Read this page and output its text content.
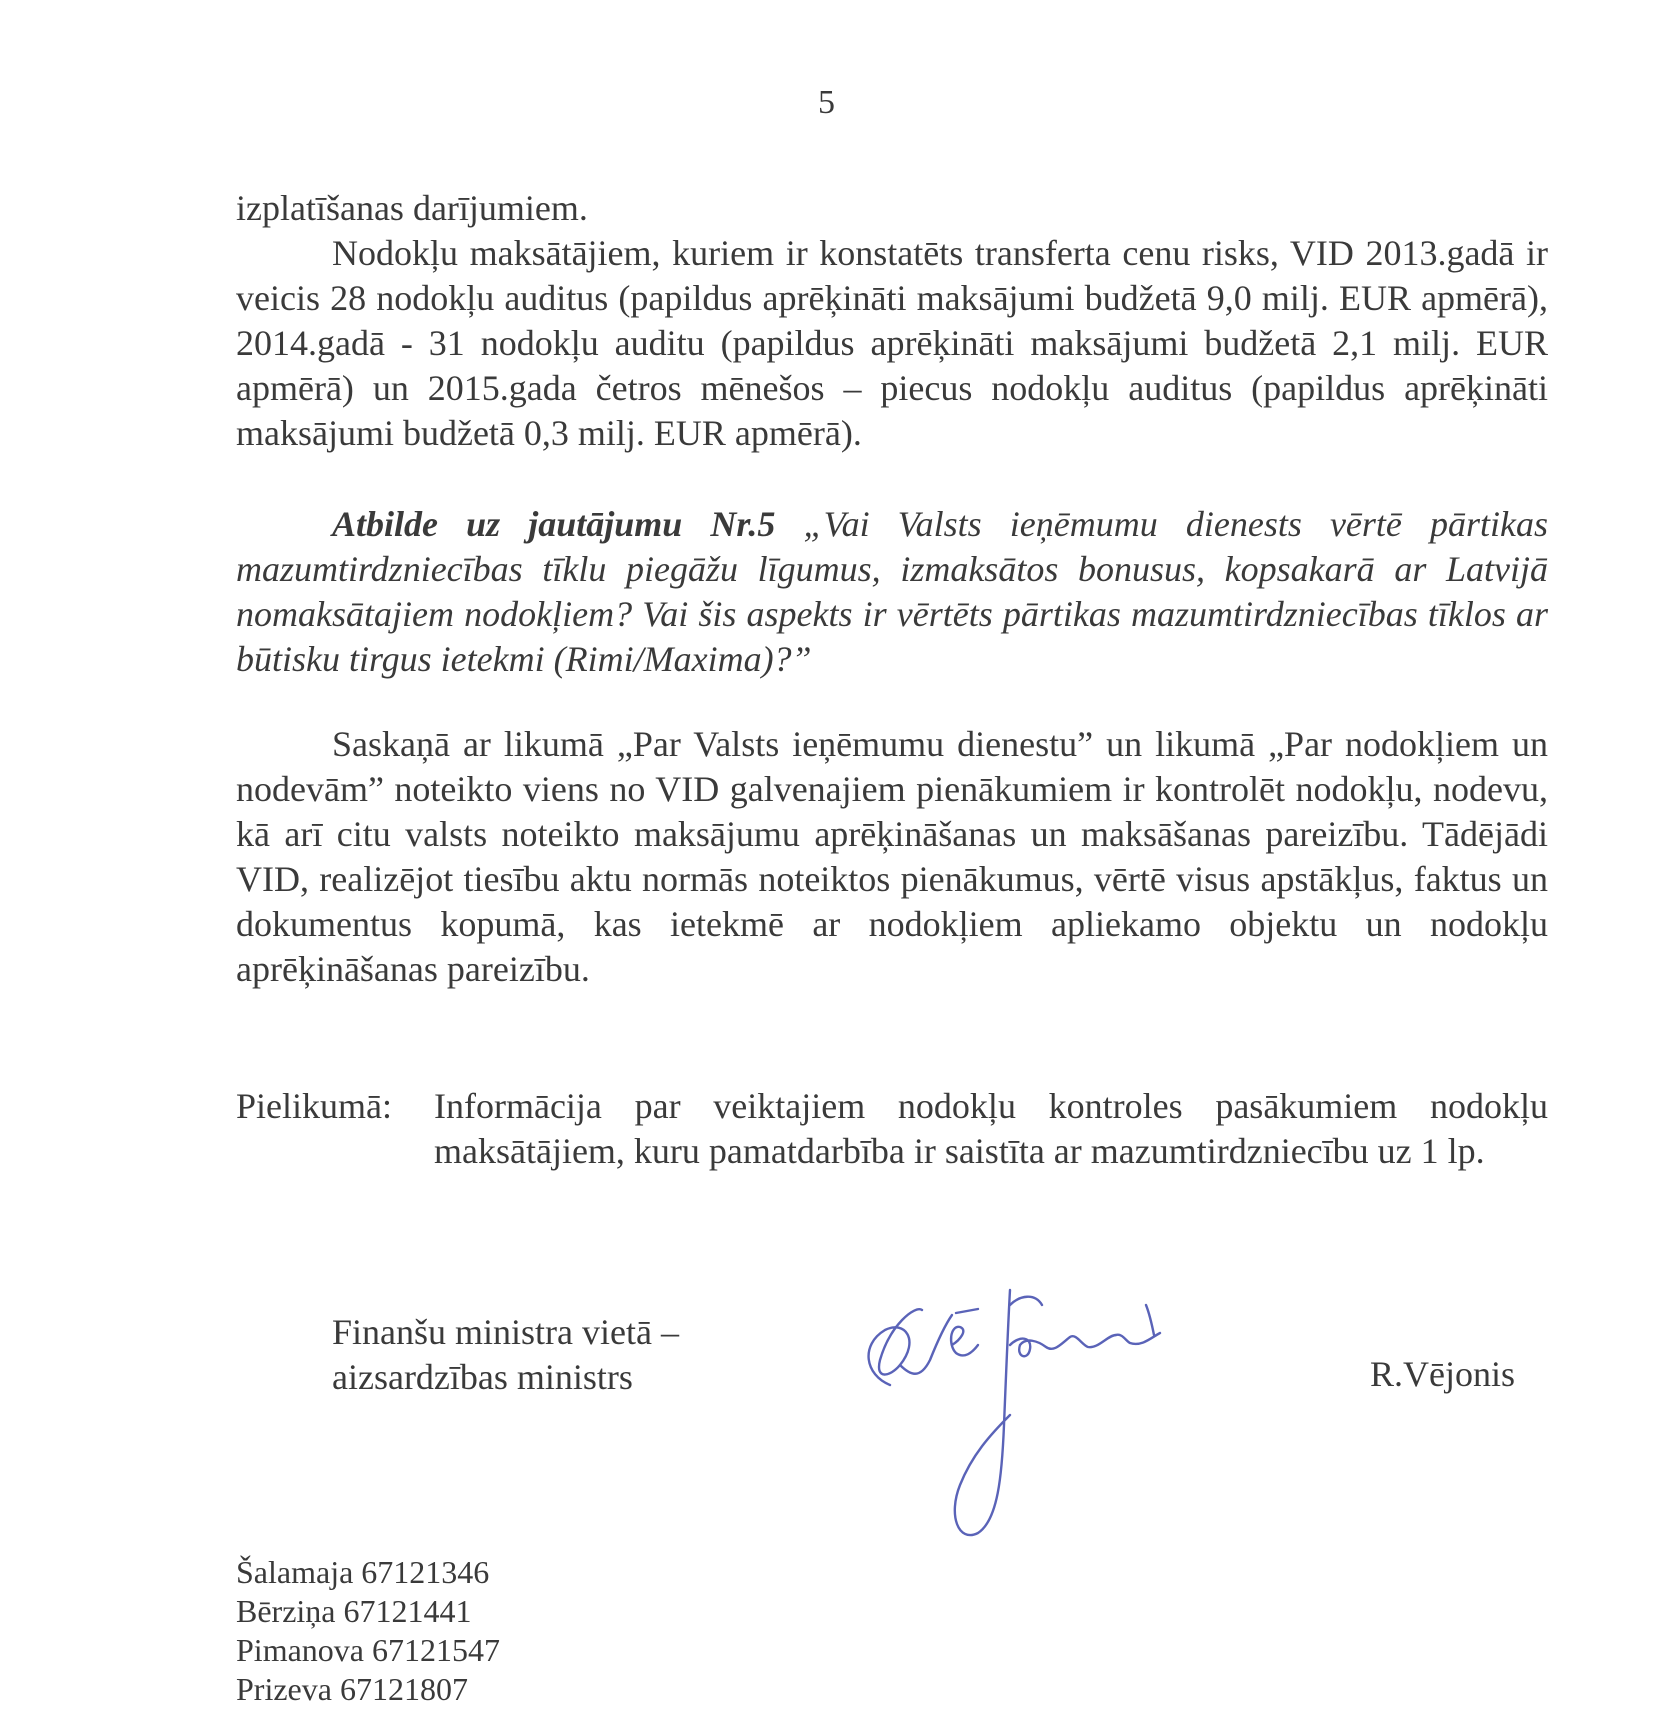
5
izplatīšanas darījumiem.
Nodokļu maksātājiem, kuriem ir konstatēts transferta cenu risks, VID 2013.gadā ir veicis 28 nodokļu auditus (papildus aprēķināti maksājumi budžetā 9,0 milj. EUR apmērā), 2014.gadā - 31 nodokļu auditu (papildus aprēķināti maksājumi budžetā 2,1 milj. EUR apmērā) un 2015.gada četros mēnešos – piecus nodokļu auditus (papildus aprēķināti maksājumi budžetā 0,3 milj. EUR apmērā).
Atbilde uz jautājumu Nr.5 „Vai Valsts ieņēmumu dienests vērtē pārtikas mazumtirdzniecības tīklu piegāžu līgumus, izmaksātos bonusus, kopsakarā ar Latvijā nomaksātajiem nodokļiem? Vai šis aspekts ir vērtēts pārtikas mazumtirdzniecības tīklos ar būtisku tirgus ietekmi (Rimi/Maxima)?”
Saskaņā ar likumā „Par Valsts ieņēmumu dienestu” un likumā „Par nodokļiem un nodevām” noteikto viens no VID galvenajiem pienākumiem ir kontrolēt nodokļu, nodevu, kā arī citu valsts noteikto maksājumu aprēķināšanas un maksāšanas pareizību. Tādējādi VID, realizējot tiesību aktu normās noteiktos pienākumus, vērtē visus apstākļus, faktus un dokumentus kopumā, kas ietekmē ar nodokļiem apliekamo objektu un nodokļu aprēķināšanas pareizību.
Pielikumā:	Informācija par veiktajiem nodokļu kontroles pasākumiem nodokļu maksātājiem, kuru pamatdarbība ir saistīta ar mazumtirdzniecību uz 1 lp.
Finanšu ministra vietā –
aizsardzības ministrs	R.Vējonis
Šalamaja 67121346
Bērziņa 67121441
Pimanova 67121547
Prizeva 67121807
